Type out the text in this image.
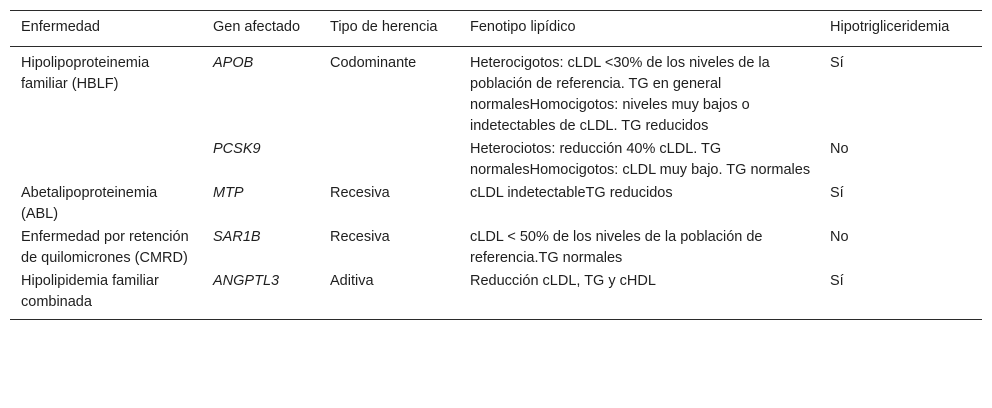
Enfermedad	Gen afectado	Tipo de herencia	Fenotipo lipídico	Hipotrigliceridemia
Hipolipoproteinemia familiar (HBLF)	APOB	Codominante	Heterocigotos: cLDL <30% de los niveles de la población de referencia. TG en general normalesHomocigotos: niveles muy bajos o indetectables de cLDL. TG reducidos	Sí
	PCSK9		Heterociotos: reducción 40% cLDL. TG normalesHomocigotos: cLDL muy bajo. TG normales	No
Abetalipoproteinemia (ABL)	MTP	Recesiva	cLDL indetectableTG reducidos	Sí
Enfermedad por retención de quilomicrones (CMRD)	SAR1B	Recesiva	cLDL < 50% de los niveles de la población de referencia.TG normales	No
Hipolipidemia familiar combinada	ANGPTL3	Aditiva	Reducción cLDL, TG y cHDL	Sí
